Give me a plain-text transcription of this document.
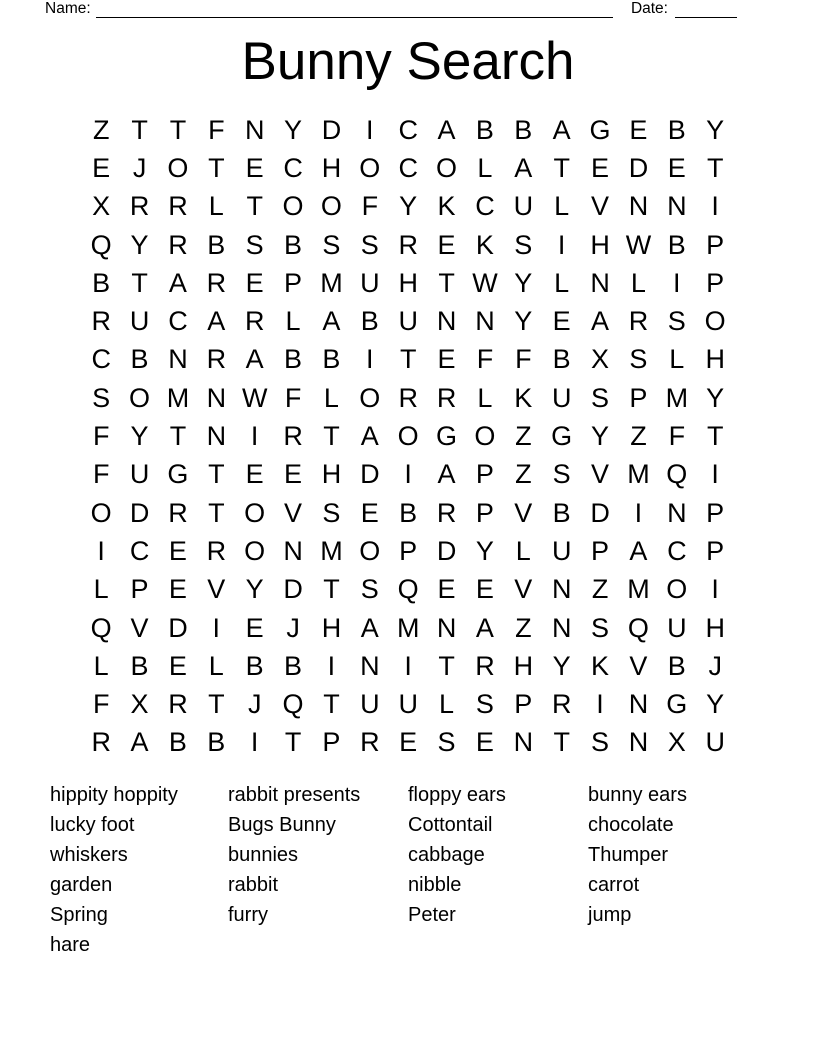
Name:	Date:
Bunny Search
Z T T F N Y D I C A B B A G E B Y
E J O T E C H O C O L A T E D E T
X R R L T O O F Y K C U L V N N I
Q Y R B S B S S R E K S I H W B P
B T A R E P M U H T W Y L N L	I P
R U C A R L A B U N N Y E A R S O
C B N R A B B I T E F F B X S L H
S O M N W F L O R R L K U S P M Y
F Y T N I R T A O G O Z G Y Z F T
F U G T E E H D I A P Z S V M Q I
O D R T O V S E B R P V B D I N P
I C E R O N M O P D Y L U P A C P
L P E V Y D T S Q E E V N Z M O I
Q V D I E J H A M N A Z N S Q U H
L B E L B B I N I T R H Y K V B J
F X R T J Q T U U L S P R I N G Y
R A B B I T P R E S E N T S N X U
hippity hoppity
lucky foot
whiskers
garden
Spring
hare
rabbit presents
Bugs Bunny
bunnies
rabbit
furry
floppy ears
Cottontail
cabbage
nibble
Peter
bunny ears
chocolate
Thumper
carrot
jump
